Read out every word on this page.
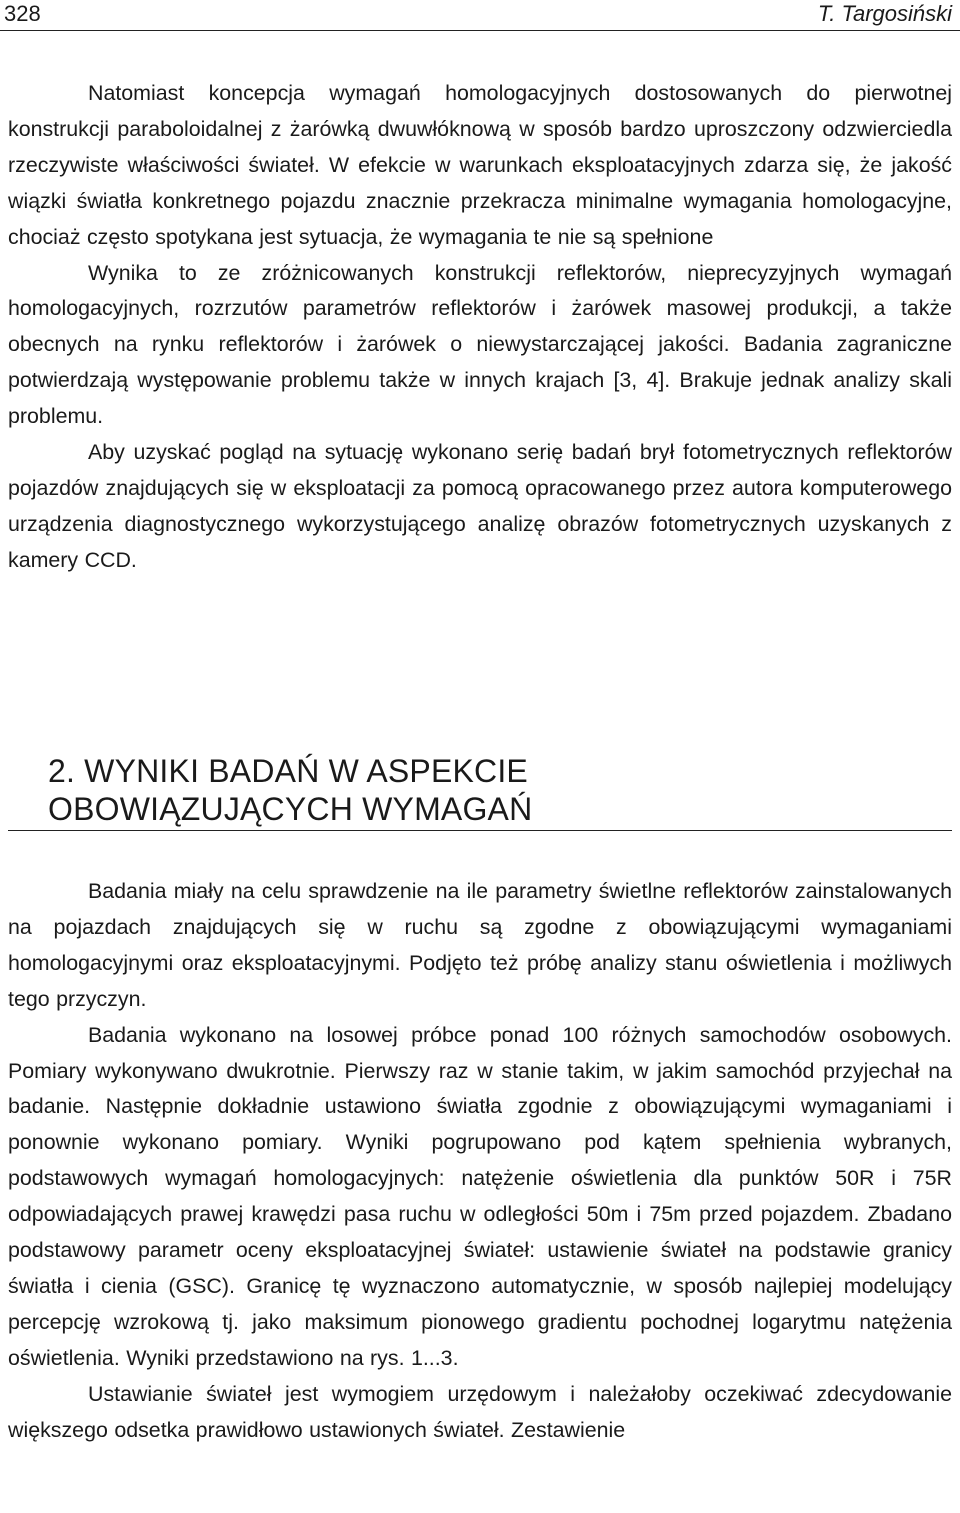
328	T. Targosiński

Natomiast koncepcja wymagań homologacyjnych dostosowanych do pierwotnej konstrukcji paraboloidalnej z żarówką dwuwłóknową w sposób bardzo uproszczony odzwierciedla rzeczywiste właściwości świateł. W efekcie w warunkach eksploatacyjnych zdarza się, że jakość wiązki światła konkretnego pojazdu znacznie przekracza minimalne wymagania homologacyjne, chociaż często spotykana jest sytuacja, że wymagania te nie są spełnione

Wynika to ze zróżnicowanych konstrukcji reflektorów, nieprecyzyjnych wymagań homologacyjnych, rozrzutów parametrów reflektorów i żarówek masowej produkcji, a także obecnych na rynku reflektorów i żarówek o niewystarczającej jakości. Badania zagraniczne potwierdzają występowanie problemu także w innych krajach [3, 4]. Brakuje jednak analizy skali problemu.

Aby uzyskać pogląd na sytuację wykonano serię badań brył fotometrycznych reflektorów pojazdów znajdujących się w eksploatacji za pomocą opracowanego przez autora komputerowego urządzenia diagnostycznego wykorzystującego analizę obrazów fotometrycznych uzyskanych z kamery CCD.

2. WYNIKI BADAŃ W ASPEKCIE
OBOWIĄZUJĄCYCH WYMAGAŃ

Badania miały na celu sprawdzenie na ile parametry świetlne reflektorów zainstalowanych na pojazdach znajdujących się w ruchu są zgodne z obowiązującymi wymaganiami homologacyjnymi oraz eksploatacyjnymi. Podjęto też próbę analizy stanu oświetlenia i możliwych tego przyczyn.

Badania wykonano na losowej próbce ponad 100 różnych samochodów osobowych. Pomiary wykonywano dwukrotnie. Pierwszy raz w stanie takim, w jakim samochód przyjechał na badanie. Następnie dokładnie ustawiono światła zgodnie z obowiązującymi wymaganiami i ponownie wykonano pomiary. Wyniki pogrupowano pod kątem spełnienia wybranych, podstawowych wymagań homologacyjnych: natężenie oświetlenia dla punktów 50R i 75R odpowiadających prawej krawędzi pasa ruchu w odległości 50m i 75m przed pojazdem. Zbadano podstawowy parametr oceny eksploatacyjnej świateł: ustawienie świateł na podstawie granicy światła i cienia (GSC). Granicę tę wyznaczono automatycznie, w sposób najlepiej modelujący percepcję wzrokową tj. jako maksimum pionowego gradientu pochodnej logarytmu natężenia oświetlenia. Wyniki przedstawiono na rys. 1...3.

Ustawianie świateł jest wymogiem urzędowym i należałoby oczekiwać zdecydowanie większego odsetka prawidłowo ustawionych świateł. Zestawienie
